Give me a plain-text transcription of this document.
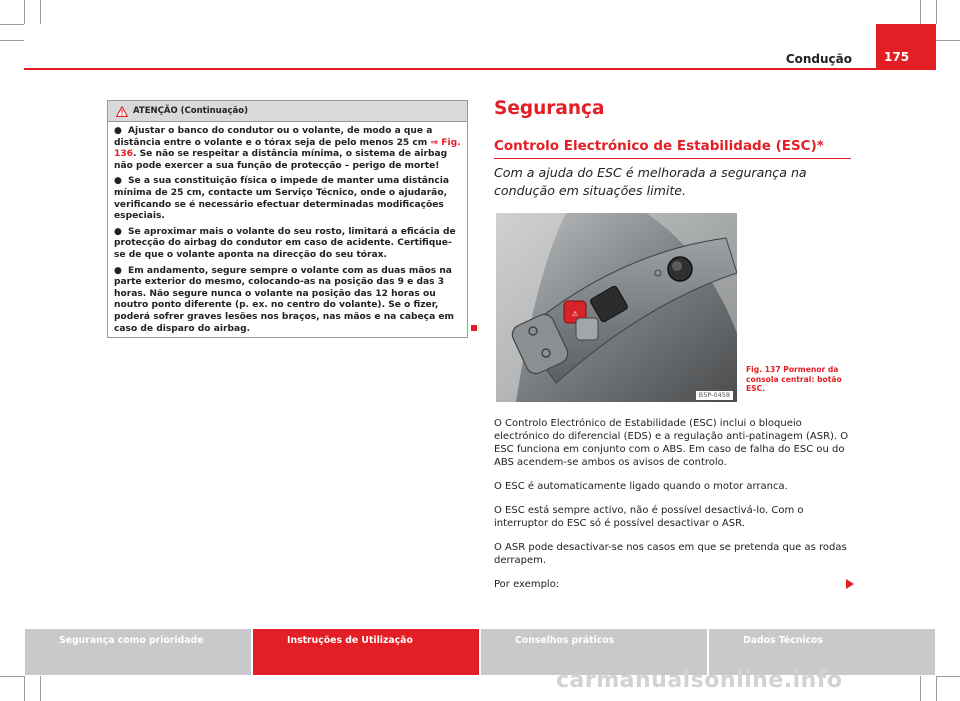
Condução	175
ATENÇÃO (Continuação)

● Ajustar o banco do condutor ou o volante, de modo a que a distância entre o volante e o tórax seja de pelo menos 25 cm ⇒ Fig. 136. Se não se respeitar a distância mínima, o sistema de airbag não pode exercer a sua função de protecção – perigo de morte!

● Se a sua constituição física o impede de manter uma distância mínima de 25 cm, contacte um Serviço Técnico, onde o ajudarão, verificando se é necessário efectuar determinadas modificações especiais.

● Se aproximar mais o volante do seu rosto, limitará a eficácia de protecção do airbag do condutor em caso de acidente. Certifique-se de que o volante aponta na direcção do seu tórax.

● Em andamento, segure sempre o volante com as duas mãos na parte exterior do mesmo, colocando-as na posição das 9 e das 3 horas. Não segure nunca o volante na posição das 12 horas ou noutro ponto diferente (p. ex. no centro do volante). Se o fizer, poderá sofrer graves lesões nos braços, nas mãos e na cabeça em caso de disparo do airbag.

Segurança
Controlo Electrónico de Estabilidade (ESC)*
Com a ajuda do ESC é melhorada a segurança na condução em situações limite.
⚠
B5P-0458
Fig. 137 Pormenor da consola central: botão ESC.

O Controlo Electrónico de Estabilidade (ESC) inclui o bloqueio electrónico do diferencial (EDS) e a regulação anti-patinagem (ASR). O ESC funciona em conjunto com o ABS. Em caso de falha do ESC ou do ABS acendem-se ambos os avisos de controlo.

O ESC é automaticamente ligado quando o motor arranca.

O ESC está sempre activo, não é possível desactivá-lo. Com o interruptor do ESC só é possível desactivar o ASR.

O ASR pode desactivar-se nos casos em que se pretenda que as rodas derrapem.

Por exemplo:

Segurança como prioridade	Instruções de Utilização	Conselhos práticos	Dados Técnicos
carmanualsonline.info
